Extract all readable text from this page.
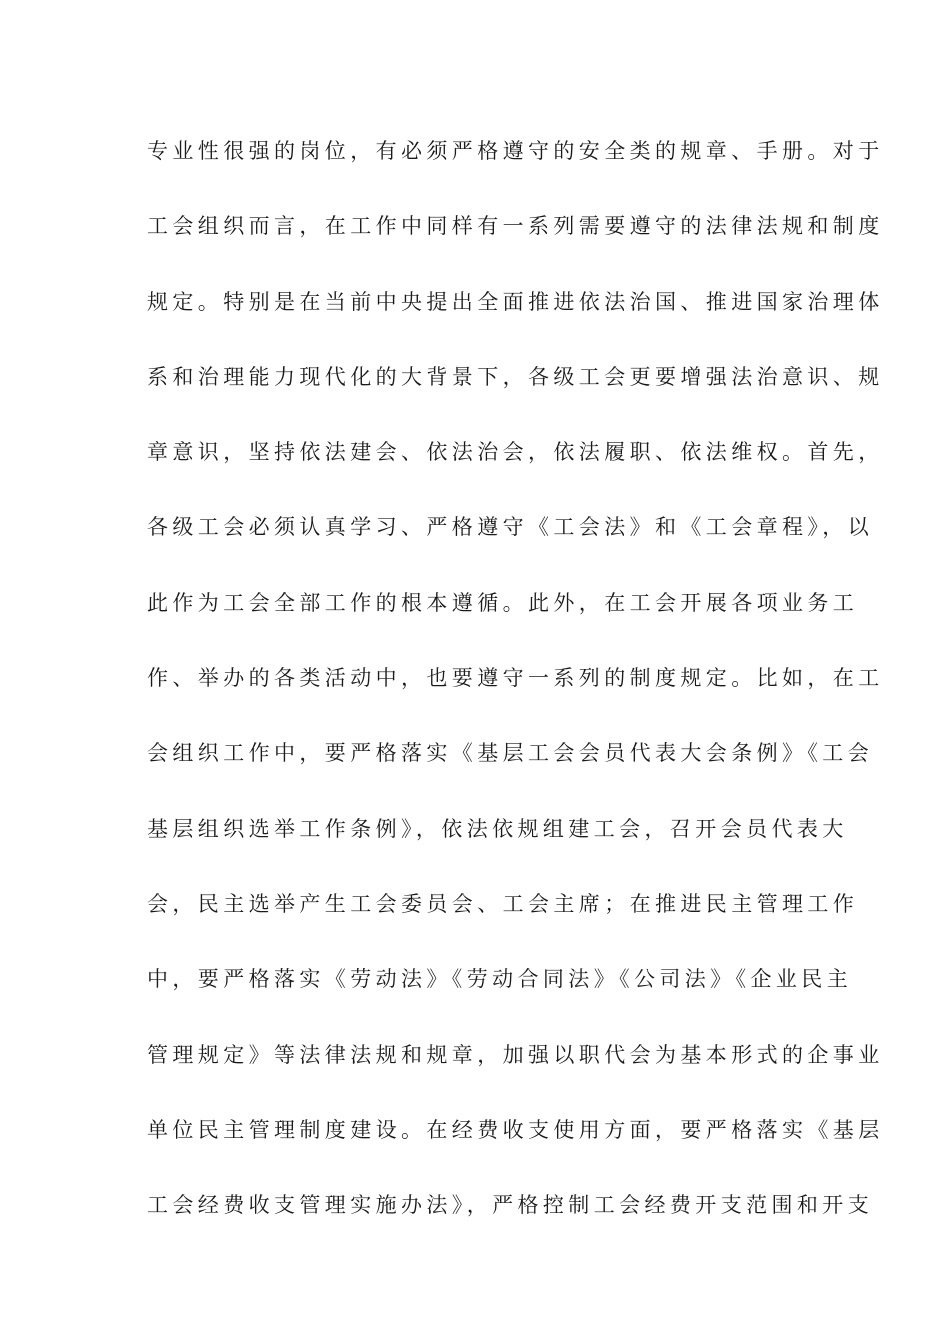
专业性很强的岗位，有必须严格遵守的安全类的规章、手册。对于
工会组织而言，在工作中同样有一系列需要遵守的法律法规和制度
规定。特别是在当前中央提出全面推进依法治国、推进国家治理体
系和治理能力现代化的大背景下，各级工会更要增强法治意识、规
章意识，坚持依法建会、依法治会，依法履职、依法维权。首先，
各级工会必须认真学习、严格遵守《工会法》和《工会章程》，以
此作为工会全部工作的根本遵循。此外，在工会开展各项业务工
作、举办的各类活动中，也要遵守一系列的制度规定。比如，在工
会组织工作中，要严格落实《基层工会会员代表大会条例》《工会
基层组织选举工作条例》，依法依规组建工会，召开会员代表大
会，民主选举产生工会委员会、工会主席；在推进民主管理工作
中，要严格落实《劳动法》《劳动合同法》《公司法》《企业民主
管理规定》等法律法规和规章，加强以职代会为基本形式的企事业
单位民主管理制度建设。在经费收支使用方面，要严格落实《基层
工会经费收支管理实施办法》，严格控制工会经费开支范围和开支
